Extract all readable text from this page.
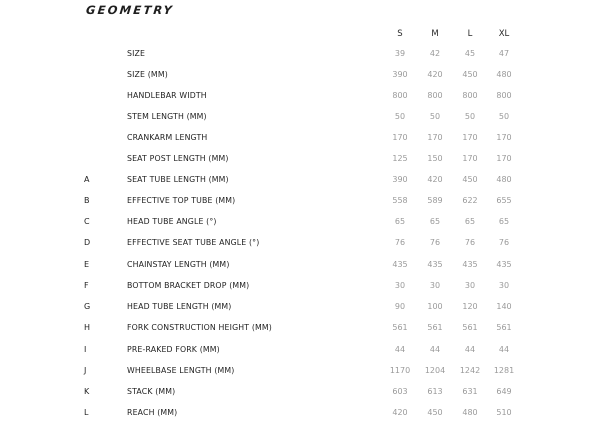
GEOMETRY
S	M	L	XL
SIZE	39	42	45	47
SIZE (MM)	390	420	450	480
HANDLEBAR WIDTH	800	800	800	800
STEM LENGTH (MM)	50	50	50	50
CRANKARM LENGTH	170	170	170	170
SEAT POST LENGTH (MM)	125	150	170	170
A	SEAT TUBE LENGTH (MM)	390	420	450	480
B	EFFECTIVE TOP TUBE (MM)	558	589	622	655
C	HEAD TUBE ANGLE (°)	65	65	65	65
D	EFFECTIVE SEAT TUBE ANGLE (°)	76	76	76	76
E	CHAINSTAY LENGTH (MM)	435	435	435	435
F	BOTTOM BRACKET DROP (MM)	30	30	30	30
G	HEAD TUBE LENGTH (MM)	90	100	120	140
H	FORK CONSTRUCTION HEIGHT (MM)	561	561	561	561
I	PRE-RAKED FORK (MM)	44	44	44	44
J	WHEELBASE LENGTH (MM)	1170	1204	1242	1281
K	STACK (MM)	603	613	631	649
L	REACH (MM)	420	450	480	510
